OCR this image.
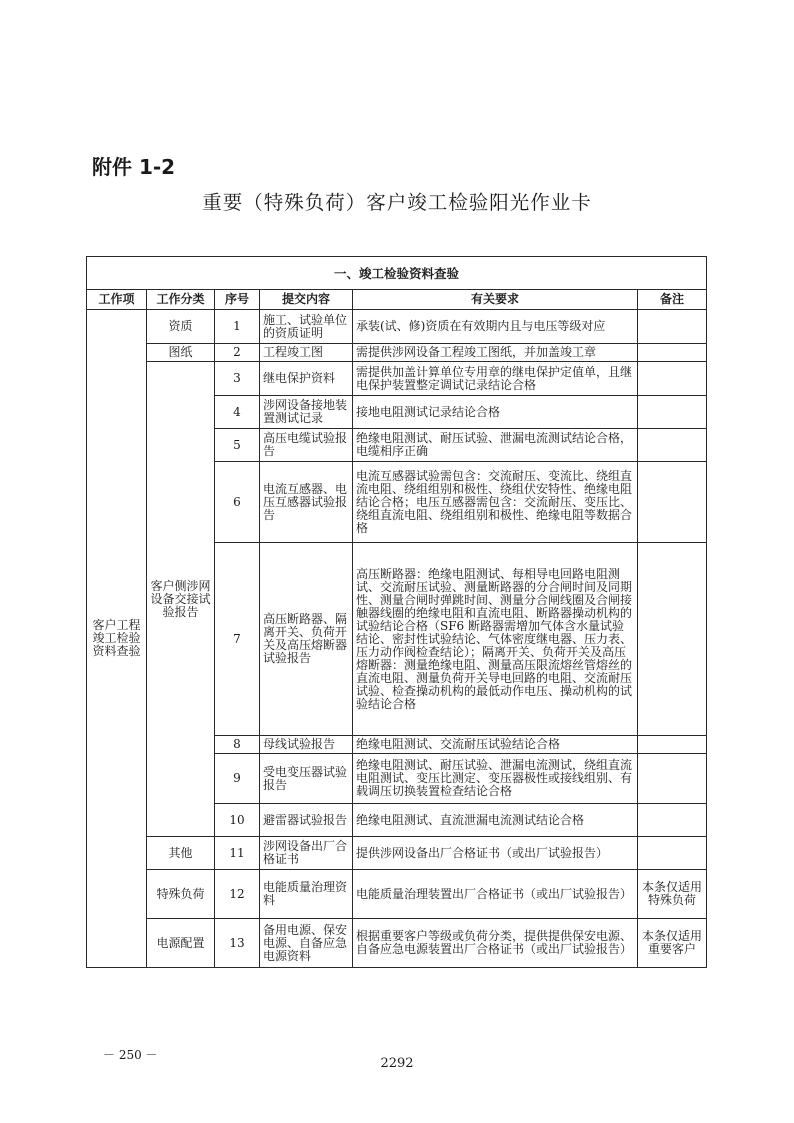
附件 1-2
重要（特殊负荷）客户竣工检验阳光作业卡
一、竣工检验资料查验					
工作项	工作分类	序号	提交内容	有关要求	备注
客户工程竣工检验资料查验	资质	1	施工、试验单位的资质证明	承装(试、修)资质在有效期内且与电压等级对应	
	图纸	2	工程竣工图	需提供涉网设备工程竣工图纸，并加盖竣工章	
	客户侧涉网设备交接试验报告	3	继电保护资料	需提供加盖计算单位专用章的继电保护定值单，且继电保护装置整定调试记录结论合格	
		4	涉网设备接地装置测试记录	接地电阻测试记录结论合格	
		5	高压电缆试验报告	绝缘电阻测试、耐压试验、泄漏电流测试结论合格，电缆相序正确	
		6	电流互感器、电压互感器试验报告	电流互感器试验需包含：交流耐压、变流比、绕组直流电阻、绕组组别和极性、绕组伏安特性、绝缘电阻结论合格；电压互感器需包含：交流耐压、变压比、绕组直流电阻、绕组组别和极性、绝缘电阻等数据合格	
		7	高压断路器、隔离开关、负荷开关及高压熔断器试验报告	高压断路器：绝缘电阻测试、每相导电回路电阻测试、交流耐压试验、测量断路器的分合闸时间及同期性、测量合闸时弹跳时间、测量分合闸线圈及合闸接触器线圈的绝缘电阻和直流电阻、断路器操动机构的试验结论合格（SF6 断路器需增加气体含水量试验结论、密封性试验结论、气体密度继电器、压力表、压力动作阀检查结论）；隔离开关、负荷开关及高压熔断器：测量绝缘电阻、测量高压限流熔丝管熔丝的直流电阻、测量负荷开关导电回路的电阻、交流耐压试验、检查操动机构的最低动作电压、操动机构的试验结论合格	
		8	母线试验报告	绝缘电阻测试、交流耐压试验结论合格	
		9	受电变压器试验报告	绝缘电阻测试、耐压试验、泄漏电流测试，绕组直流电阻测试、变压比测定、变压器极性或接线组别、有载调压切换装置检查结论合格	
		10	避雷器试验报告	绝缘电阻测试、直流泄漏电流测试结论合格	
	其他	11	涉网设备出厂合格证书	提供涉网设备出厂合格证书（或出厂试验报告）	
	特殊负荷	12	电能质量治理资料	电能质量治理装置出厂合格证书（或出厂试验报告）	本条仅适用特殊负荷
	电源配置	13	备用电源、保安电源、自备应急电源资料	根据重要客户等级或负荷分类，提供提供保安电源、自备应急电源装置出厂合格证书（或出厂试验报告）	本条仅适用重要客户
－ 250 －
2292
